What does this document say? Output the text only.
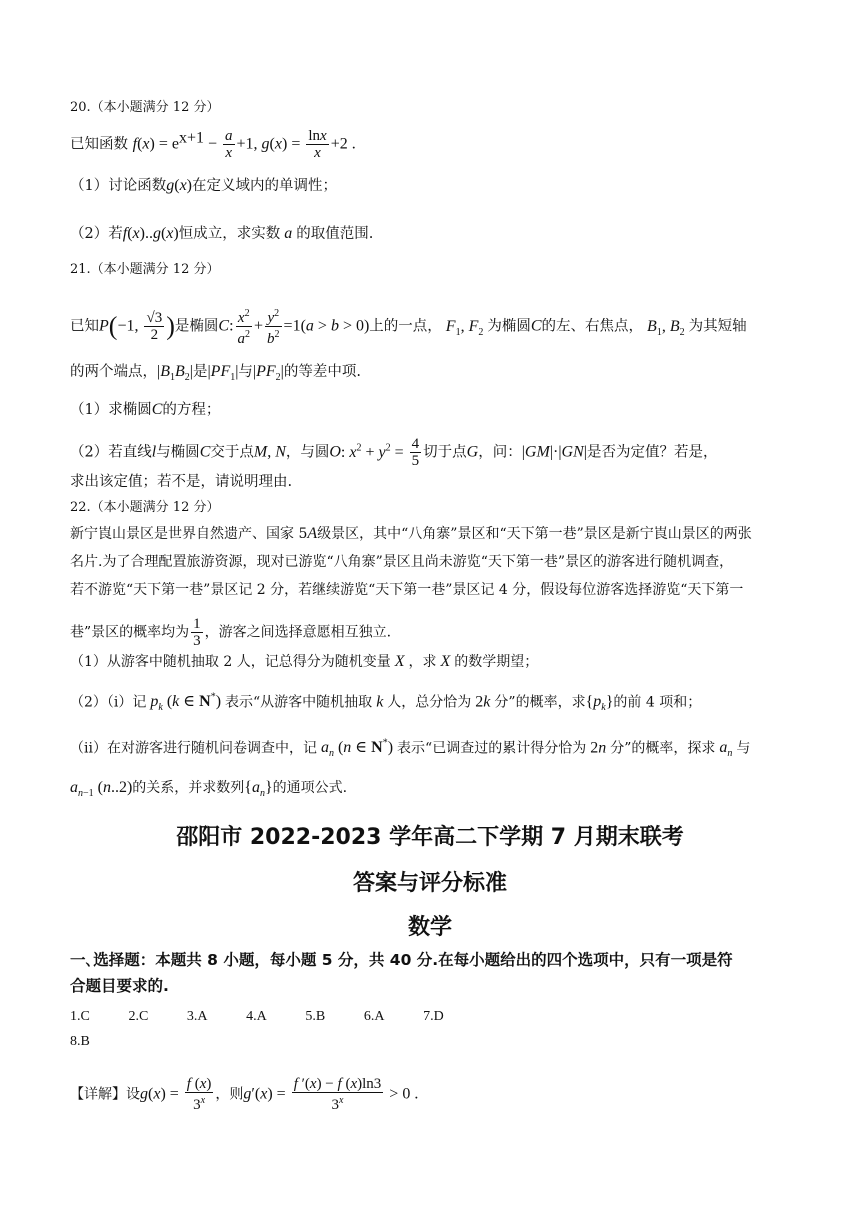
20.（本小题满分 12 分）
已知函数 $f(x) = e^{x+1} - \frac{a}{x} +1$, $g(x) = \frac{\ln x}{x} +2$ .
（1）讨论函数g(x)在定义域内的单调性；
（2）若f(x)..g(x)恒成立，求实数 a 的取值范围.
21.（本小题满分 12 分）
已知P(−1, $\frac{√3}{2}$ )是椭圆C: $\frac{x^2}{a^2} + \frac{y^2}{b^2} =1(a > b > 0)$上的一点， $F_1$, $F_2$ 为椭圆C的左、右焦点， $B_1$, $B_2$ 为其短轴
的两个端点，$|B_1B_2|$是$|PF_1|$与$|PF_2|$的等差中项.
（1）求椭圆C的方程；
（2）若直线l与椭圆C交于点M, N，与圆O: $x^2 + y^2 = \frac{4}{5}$ 切于点G，问：|GM|·|GN|是否为定值？若是，
求出该定值；若不是，请说明理由.
22.（本小题满分 12 分）
新宁崀山景区是世界自然遗产、国家 5A级景区，其中“八角寨”景区和“天下第一巷”景区是新宁崀山景区的两张
名片.为了合理配置旅游资源，现对已游览“八角寨”景区且尚未游览“天下第一巷”景区的游客进行随机调查，
若不游览“天下第一巷”景区记 2 分，若继续游览“天下第一巷”景区记 4 分，假设每位游客选择游览“天下第一
巷”景区的概率均为 $\frac{1}{3}$ ，游客之间选择意愿相互独立.
（1）从游客中随机抽取 2 人，记总得分为随机变量 X ，求 X 的数学期望；
（2）（i）记 $p_k$ (k ∈ N*) 表示“从游客中随机抽取 k 人，总分恰为 2k 分”的概率，求$\{p_k\}$的前 4 项和；
（ii）在对游客进行随机问卷调查中，记 $a_n$ (n ∈ N*) 表示“已调查过的累计得分恰为 2n 分”的概率，探求 $a_n$ 与
$a_{n-1}$ (n..2)的关系，并求数列$\{a_n\}$的通项公式.
邵阳市 2022-2023 学年高二下学期 7 月期末联考
答案与评分标准
数学
一､选择题：本题共 8 小题，每小题 5 分，共 40 分.在每小题给出的四个选项中，只有一项是符
合题目要求的.
1.C	2.C	3.A	4.A	5.B	6.A	7.D
8.B
【详解】设$g(x) = \frac{f (x)}{3^x}$ ，则$g'(x) = \frac{f '(x) - f (x)\ln 3}{3^x} > 0$ .
